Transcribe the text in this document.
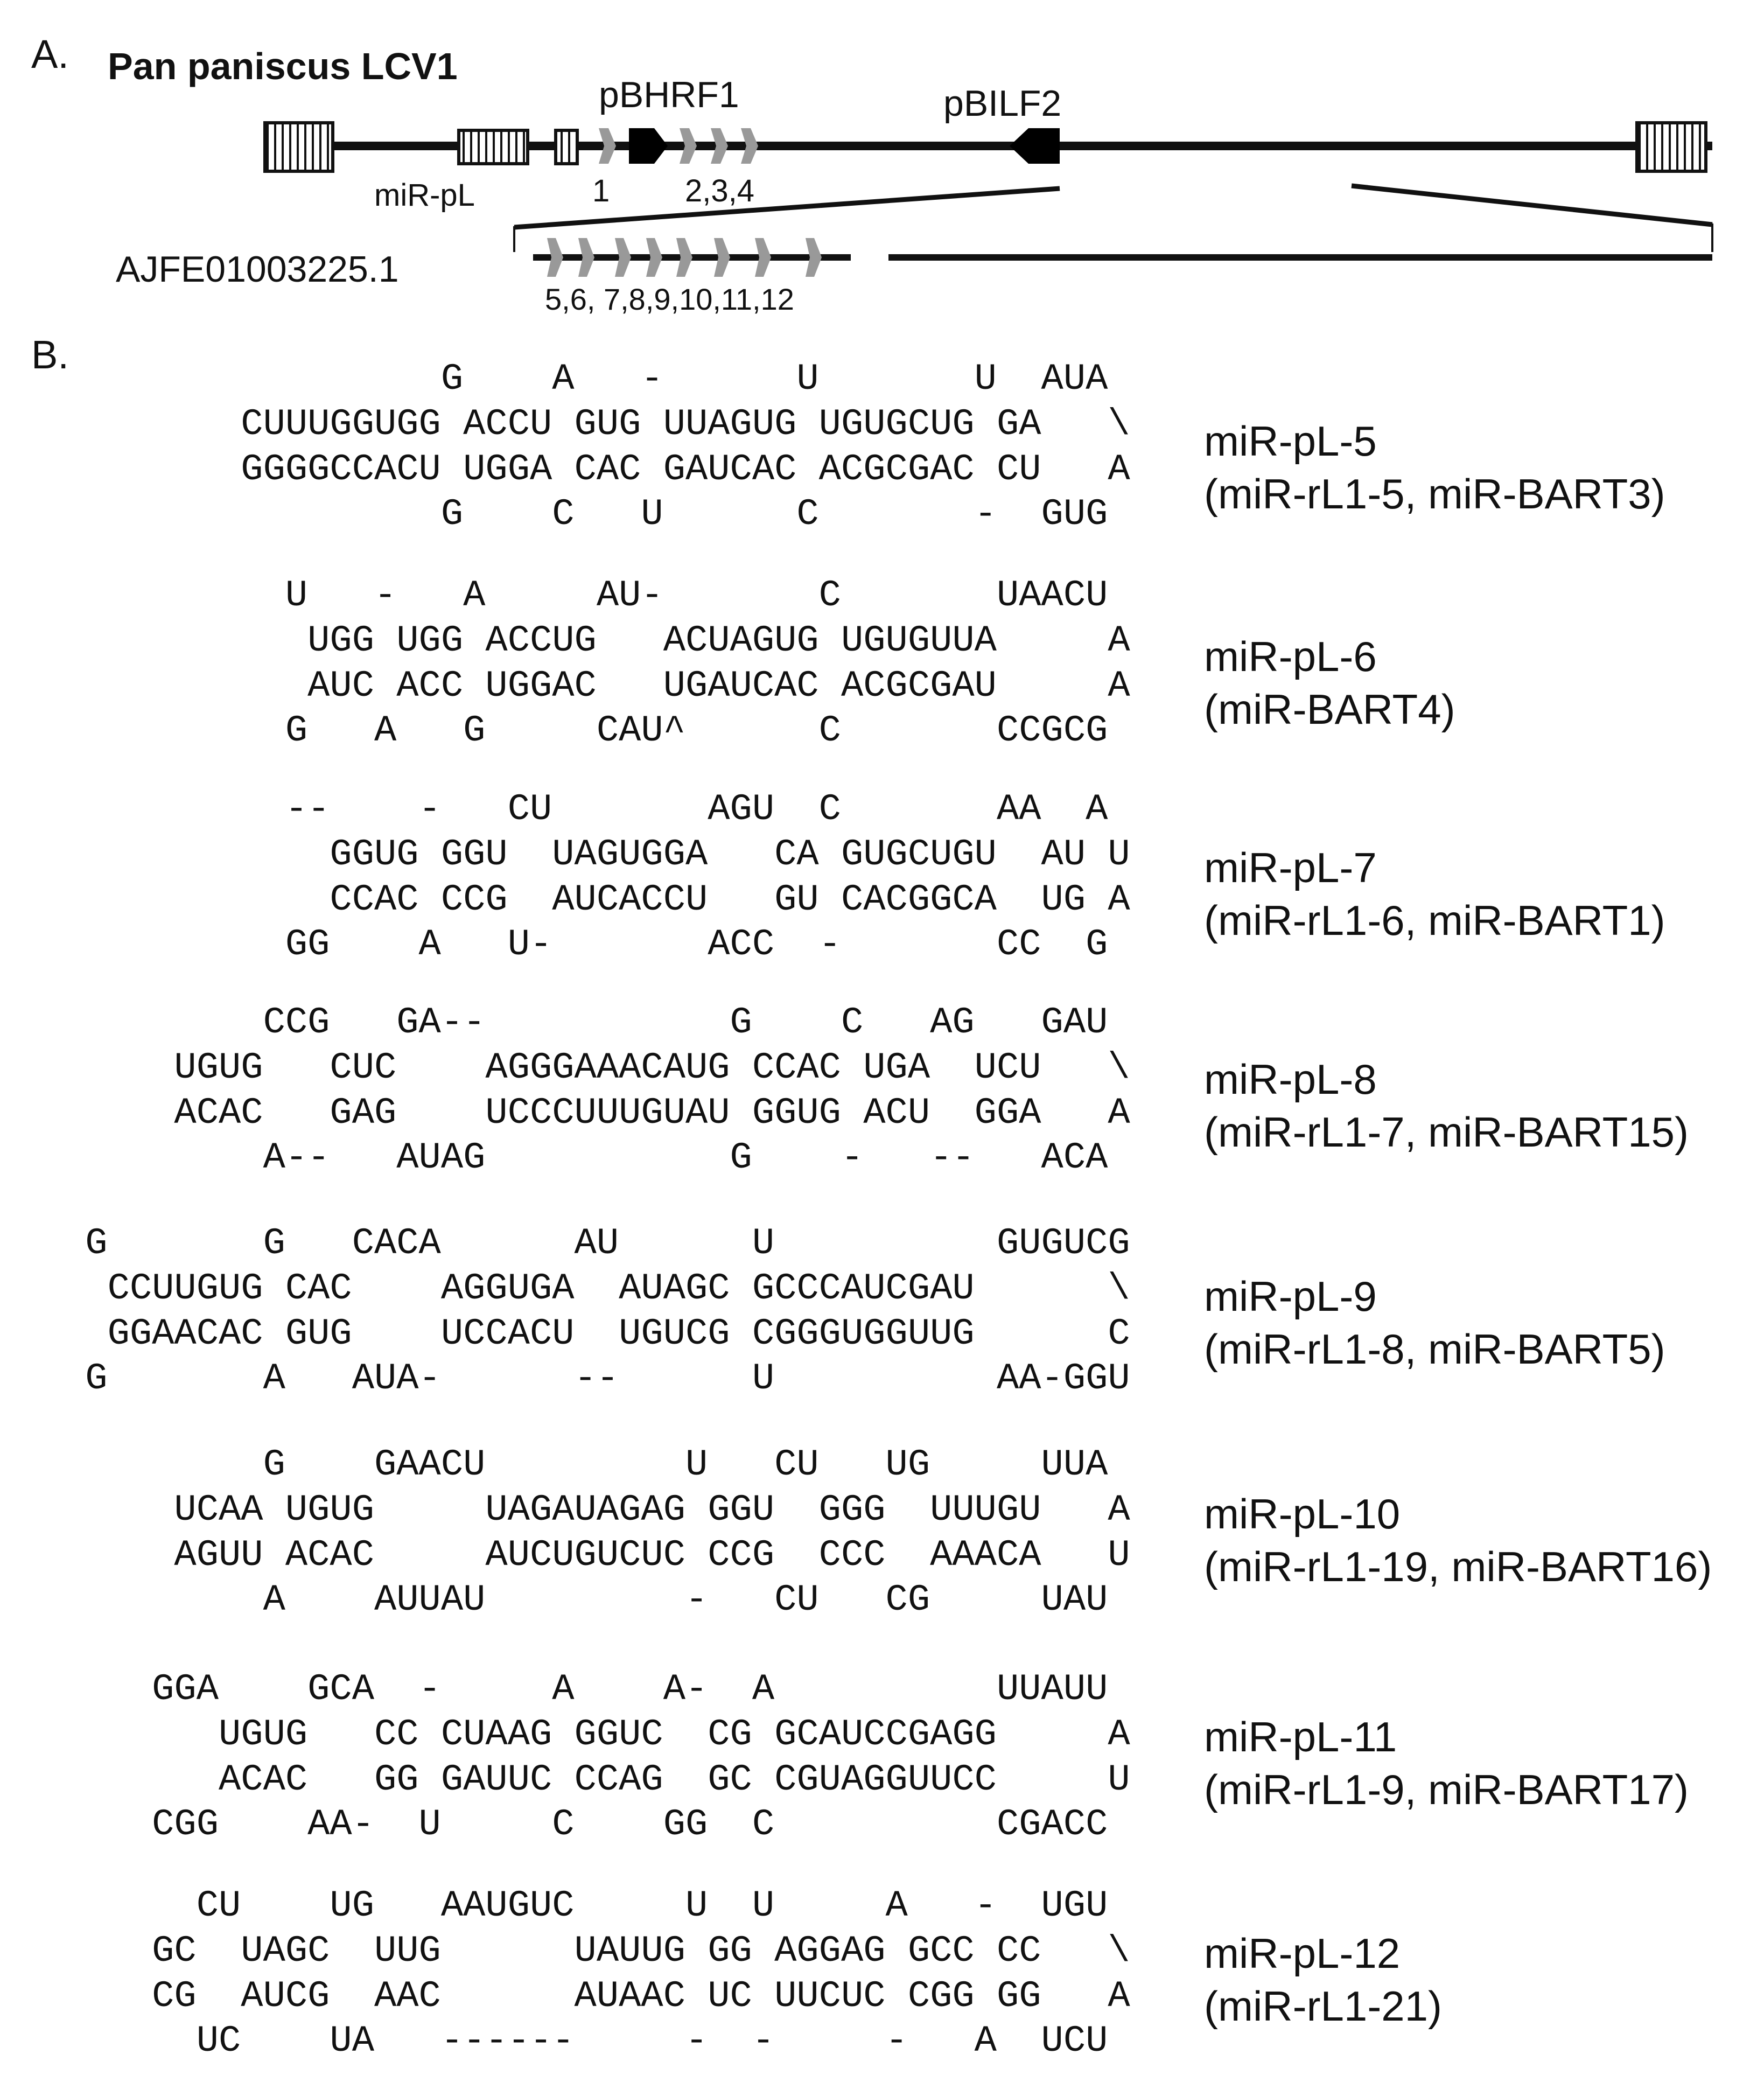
A. Pan paniscus LCV1
pBHRF1	pBILF2
miR-pL	1 2,3,4
AJFE01003225.1
5,6, 7,8,9,10,11,12
B.
G    A   -      U       U  AUA
CUUUGGUGG ACCU GUG UUAGUG UGUGCUG GA   \
GGGGCCACU UGGA CAC GAUCAC ACGCGAC CU   A
G    C   U      C       -  GUG
miR-pL-5
(miR-rL1-5, miR-BART3)
U   -   A     AU-       C       UAACU
UGG UGG ACCUG   ACUAGUG UGUGUUA     A
AUC ACC UGGAC   UGAUCAC ACGCGAU     A
G   A   G     CAU^      C       CCGCG
miR-pL-6
(miR-BART4)
--    -   CU       AGU  C       AA  A
GGUG GGU  UAGUGGA   CA GUGCUGU  AU U
CCAC CCG  AUCACCU   GU CACGGCA  UG A
GG    A   U-       ACC  -       CC  G
miR-pL-7
(miR-rL1-6, miR-BART1)
CCG   GA--           G    C   AG   GAU
UGUG   CUC    AGGGAAACAUG CCAC UGA  UCU   \
ACAC   GAG    UCCCUUUGUAU GGUG ACU  GGA   A
A--   AUAG           G    -   --   ACA
miR-pL-8
(miR-rL1-7, miR-BART15)
G       G   CACA      AU      U          GUGUCG
CCUUGUG CAC    AGGUGA  AUAGC GCCCAUCGAU      \
GGAACAC GUG    UCCACU  UGUCG CGGGUGGUUG      C
G       A   AUA-      --      U          AA-GGU
miR-pL-9
(miR-rL1-8, miR-BART5)
G    GAACU         U   CU   UG     UUA
UCAA UGUG     UAGAUAGAG GGU  GGG  UUUGU   A
AGUU ACAC     AUCUGUCUC CCG  CCC  AAACA   U
A    AUUAU         -   CU   CG     UAU
miR-pL-10
(miR-rL1-19, miR-BART16)
GGA    GCA  -     A    A-  A          UUAUU
UGUG   CC CUAAG GGUC  CG GCAUCCGAGG     A
ACAC   GG GAUUC CCAG  GC CGUAGGUUCC     U
CGG    AA-  U     C    GG  C          CGACC
miR-pL-11
(miR-rL1-9, miR-BART17)
CU    UG   AAUGUC     U  U     A   -  UGU
GC  UAGC  UUG      UAUUG GG AGGAG GCC CC   \
CG  AUCG  AAC      AUAAC UC UUCUC CGG GG   A
UC    UA   ------     -  -     -   A  UCU
miR-pL-12
(miR-rL1-21)
